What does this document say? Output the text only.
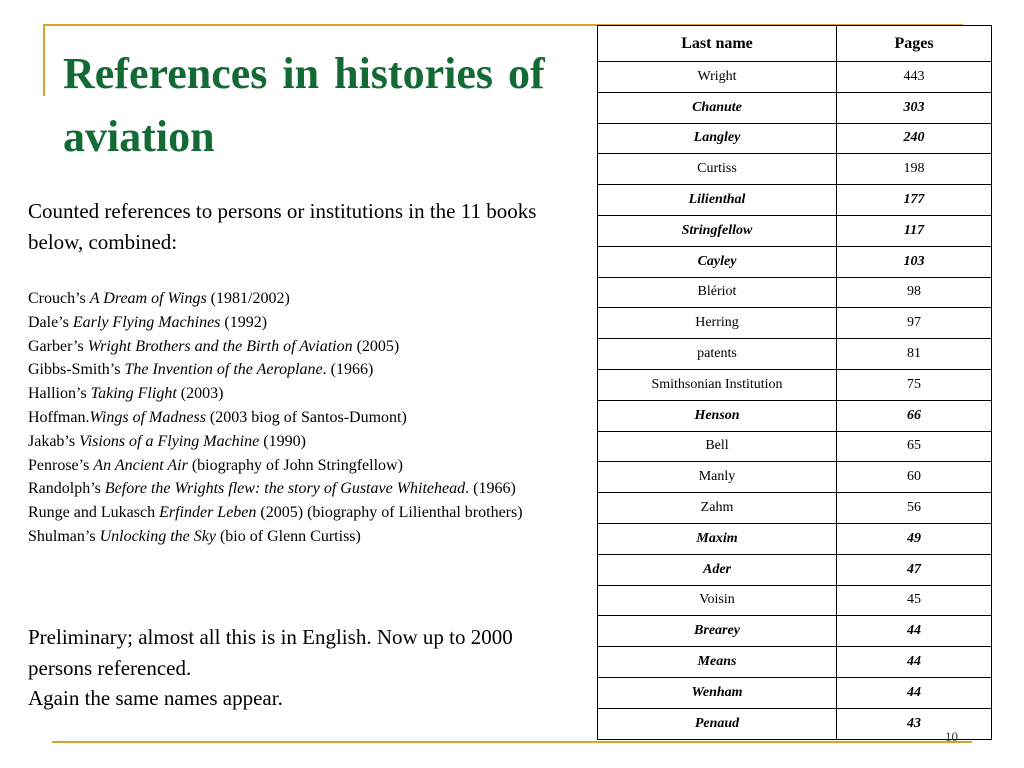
References in histories of aviation

Counted references to persons or institutions in the 11 books below, combined:

Crouch’s A Dream of Wings (1981/2002)
Dale’s Early Flying Machines (1992)
Garber’s Wright Brothers and the Birth of Aviation (2005)
Gibbs-Smith’s The Invention of the Aeroplane. (1966)
Hallion’s Taking Flight (2003)
Hoffman.Wings of Madness (2003 biog of Santos-Dumont)
Jakab’s Visions of a Flying Machine (1990)
Penrose’s An Ancient Air (biography of John Stringfellow)
Randolph’s Before the Wrights flew: the story of Gustave Whitehead. (1966)
Runge and Lukasch Erfinder Leben (2005) (biography of Lilienthal brothers)
Shulman’s Unlocking the Sky (bio of Glenn Curtiss)
Preliminary; almost all this is in English. Now up to 2000 persons referenced.
Again the same names appear.
Last name	Pages
Wright	443
Chanute	303
Langley	240
Curtiss	198
Lilienthal	177
Stringfellow	117
Cayley	103
Blériot	98
Herring	97
patents	81
Smithsonian Institution	75
Henson	66
Bell	65
Manly	60
Zahm	56
Maxim	49
Ader	47
Voisin	45
Brearey	44
Means	44
Wenham	44
Penaud	43
10
